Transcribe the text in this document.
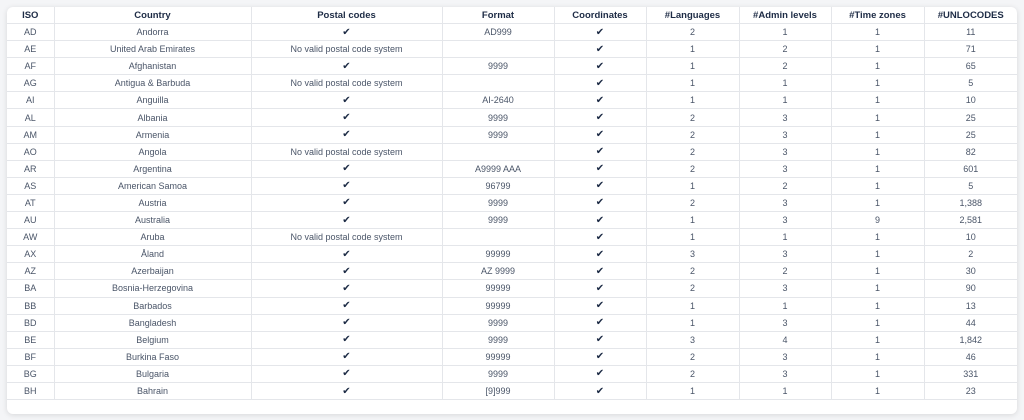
ISO	Country	Postal codes	Format	Coordinates	#Languages	#Admin levels	#Time zones	#UNLOCODES
AD	Andorra	✔	AD999	✔	2	1	1	11
AE	United Arab Emirates	No valid postal code system		✔	1	2	1	71
AF	Afghanistan	✔	9999	✔	1	2	1	65
AG	Antigua & Barbuda	No valid postal code system		✔	1	1	1	5
AI	Anguilla	✔	AI-2640	✔	1	1	1	10
AL	Albania	✔	9999	✔	2	3	1	25
AM	Armenia	✔	9999	✔	2	3	1	25
AO	Angola	No valid postal code system		✔	2	3	1	82
AR	Argentina	✔	A9999 AAA	✔	2	3	1	601
AS	American Samoa	✔	96799	✔	1	2	1	5
AT	Austria	✔	9999	✔	2	3	1	1,388
AU	Australia	✔	9999	✔	1	3	9	2,581
AW	Aruba	No valid postal code system		✔	1	1	1	10
AX	Åland	✔	99999	✔	3	3	1	2
AZ	Azerbaijan	✔	AZ 9999	✔	2	2	1	30
BA	Bosnia-Herzegovina	✔	99999	✔	2	3	1	90
BB	Barbados	✔	99999	✔	1	1	1	13
BD	Bangladesh	✔	9999	✔	1	3	1	44
BE	Belgium	✔	9999	✔	3	4	1	1,842
BF	Burkina Faso	✔	99999	✔	2	3	1	46
BG	Bulgaria	✔	9999	✔	2	3	1	331
BH	Bahrain	✔	[9]999	✔	1	1	1	23
